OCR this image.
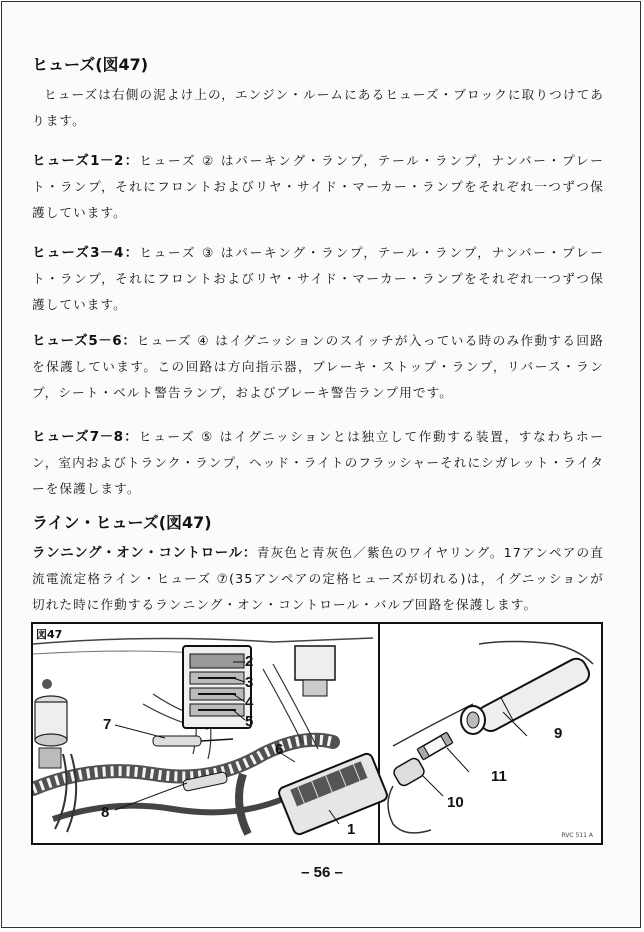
ヒューズ(図47)

ヒューズは右側の泥よけ上の，エンジン・ルームにあるヒューズ・ブロックに取りつけてあります。

ヒューズ1－2：ヒューズ ② はパーキング・ランプ，テール・ランプ，ナンバー・プレート・ランプ，それにフロントおよびリヤ・サイド・マーカー・ランプをそれぞれ一つずつ保護しています。

ヒューズ3－4：ヒューズ ③ はパーキング・ランプ，テール・ランプ，ナンバー・プレート・ランプ，それにフロントおよびリヤ・サイド・マーカー・ランプをそれぞれ一つずつ保護しています。

ヒューズ5－6：ヒューズ ④ はイグニッションのスイッチが入っている時のみ作動する回路を保護しています。この回路は方向指示器，ブレーキ・ストップ・ランプ，リバース・ランプ，シート・ベルト警告ランプ，およびブレーキ警告ランプ用です。

ヒューズ7－8：ヒューズ ⑤ はイグニッションとは独立して作動する装置，すなわちホーン，室内およびトランク・ランプ，ヘッド・ライトのフラッシャーそれにシガレット・ライターを保護します。

ライン・ヒューズ(図47)

ランニング・オン・コントロール：青灰色と青灰色／紫色のワイヤリング。17アンペアの直流電流定格ライン・ヒューズ ⑦(35アンペアの定格ヒューズが切れる)は，イグニッションが切れた時に作動するランニング・オン・コントロール・バルブ回路を保護します。

図47
2
3
4
5
7
6
8
1
9
11
10
RVC 511 A
– 56 –
